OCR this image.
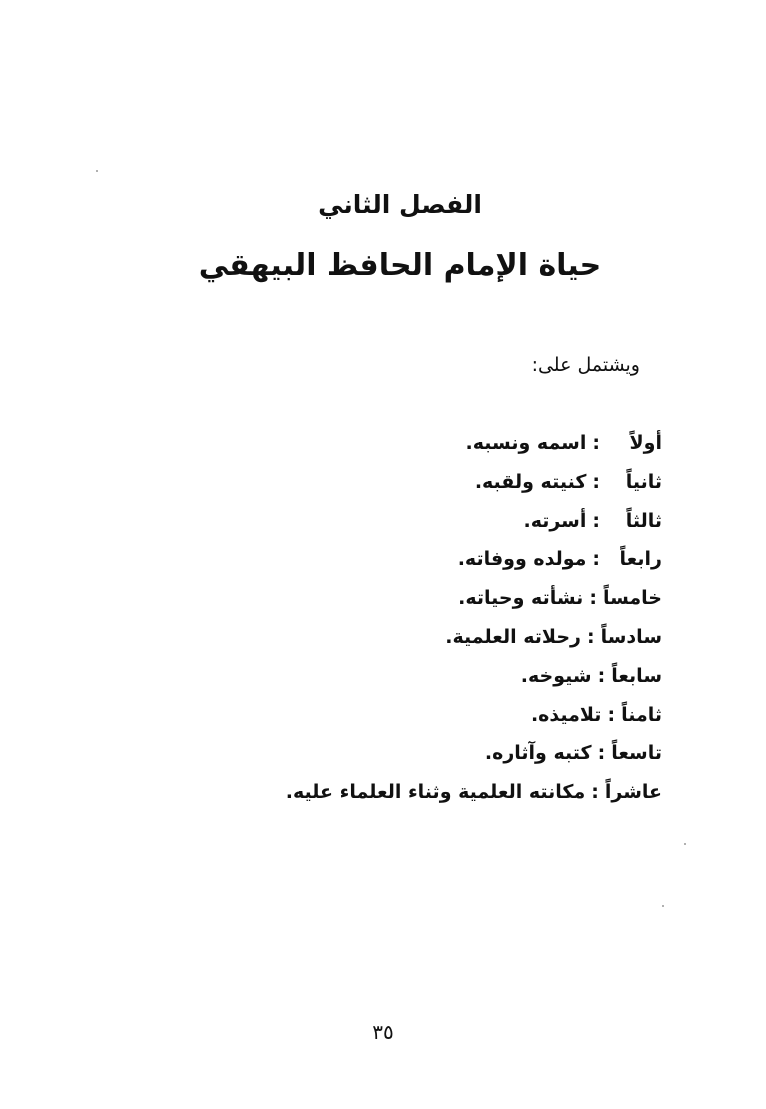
الفصل الثاني
حياة الإمام الحافظ البيهقي
ويشتمل على:
أولاً
:
اسمه ونسبه.
ثانياً
:
كنيته ولقبه.
ثالثاً
:
أسرته.
رابعاً
:
مولده ووفاته.
خامساً
:
نشأته وحياته.
سادساً
:
رحلاته العلمية.
سابعاً
:
شيوخه.
ثامناً
:
تلاميذه.
تاسعاً
:
كتبه وآثاره.
عاشراً
:
مكانته العلمية وثناء العلماء عليه.
٣٥
